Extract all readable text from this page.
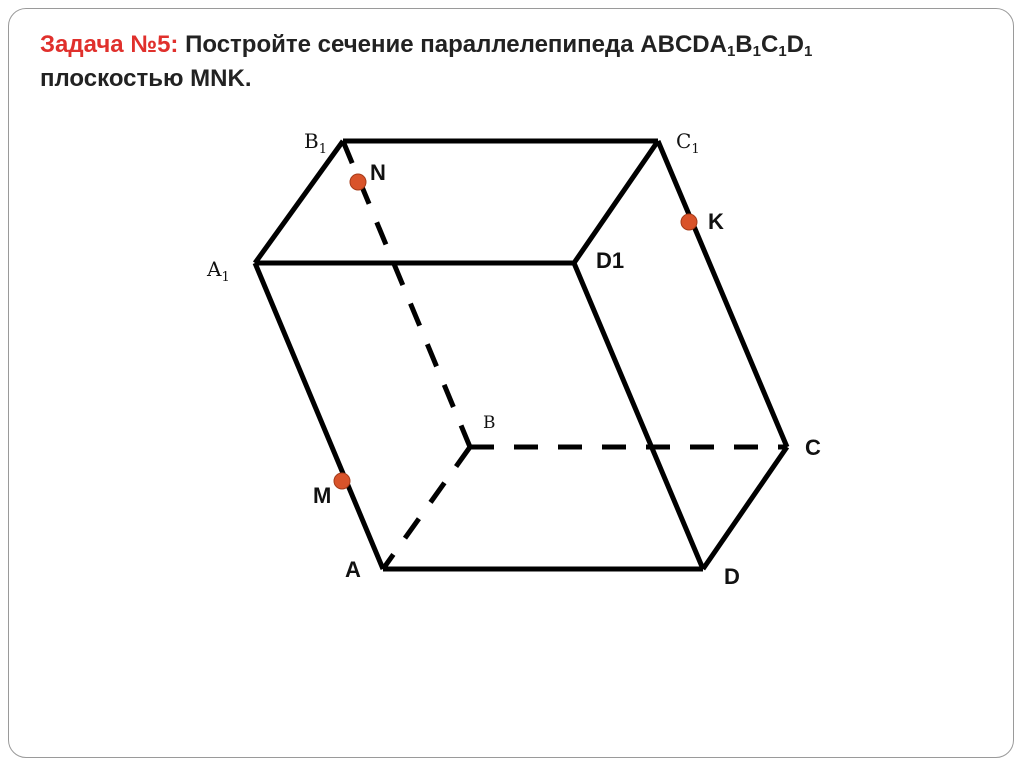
Задача №5: Постройте сечение параллелепипеда $ABCDA_1B_1C_1D_1$
плоскостью MNK.
$B_1$	$C_1$
$A_1$
D1
B
C
A	D
N
K
M
